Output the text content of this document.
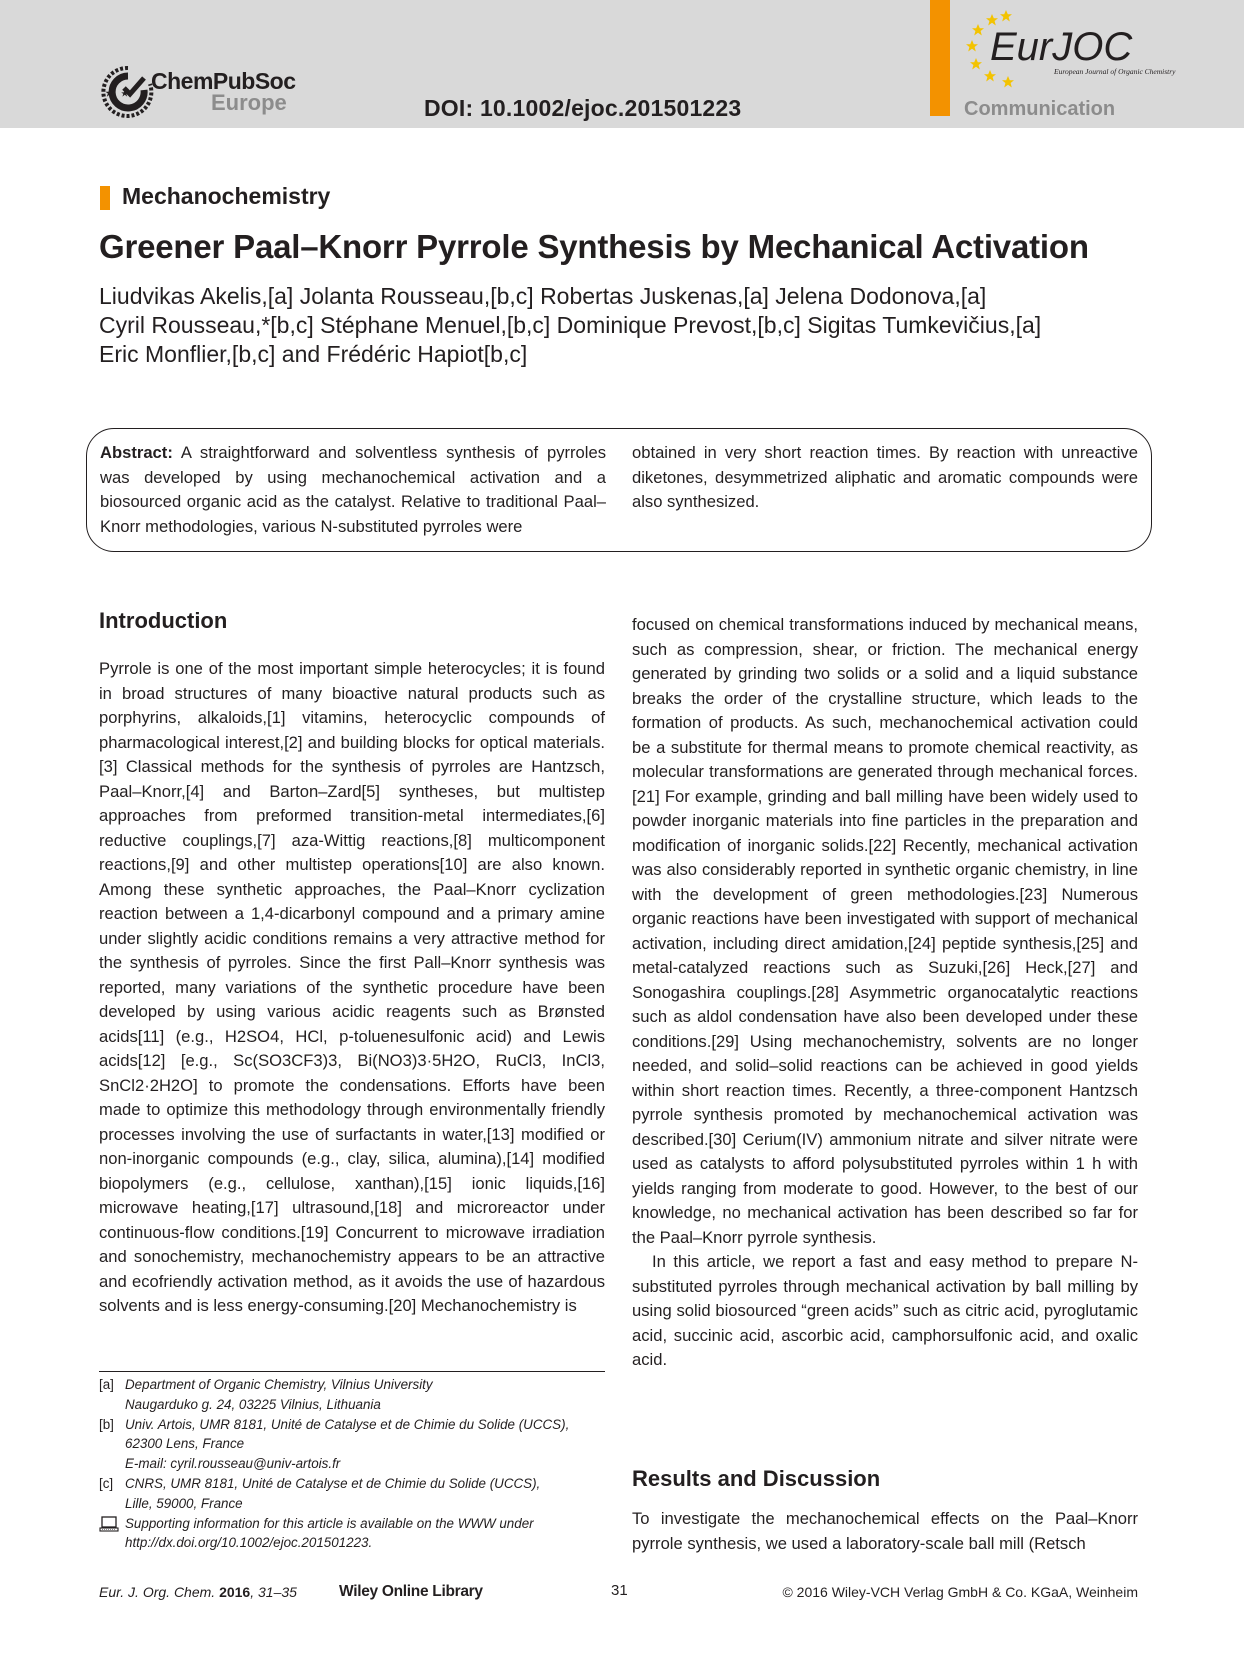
ChemPubSoc
Europe	DOI: 10.1002/ejoc.201501223
EurJOC
European Journal of Organic Chemistry
Communication
Mechanochemistry
Greener Paal–Knorr Pyrrole Synthesis by Mechanical Activation
Liudvikas Akelis,[a] Jolanta Rousseau,[b,c] Robertas Juskenas,[a] Jelena Dodonova,[a]
Cyril Rousseau,*[b,c] Stéphane Menuel,[b,c] Dominique Prevost,[b,c] Sigitas Tumkevičius,[a]
Eric Monflier,[b,c] and Frédéric Hapiot[b,c]
Abstract: A straightforward and solventless synthesis of pyrroles was developed by using mechanochemical activation and a biosourced organic acid as the catalyst. Relative to traditional Paal–Knorr methodologies, various N-substituted pyrroles were
obtained in very short reaction times. By reaction with unreactive diketones, desymmetrized aliphatic and aromatic compounds were also synthesized.
Introduction

Pyrrole is one of the most important simple heterocycles; it is found in broad structures of many bioactive natural products such as porphyrins, alkaloids,[1] vitamins, heterocyclic compounds of pharmacological interest,[2] and building blocks for optical materials.[3] Classical methods for the synthesis of pyrroles are Hantzsch, Paal–Knorr,[4] and Barton–Zard[5] syntheses, but multistep approaches from preformed transition-metal intermediates,[6] reductive couplings,[7] aza-Wittig reactions,[8] multicomponent reactions,[9] and other multistep operations[10] are also known. Among these synthetic approaches, the Paal–Knorr cyclization reaction between a 1,4-dicarbonyl compound and a primary amine under slightly acidic conditions remains a very attractive method for the synthesis of pyrroles. Since the first Pall–Knorr synthesis was reported, many variations of the synthetic procedure have been developed by using various acidic reagents such as Brønsted acids[11] (e.g., H2SO4, HCl, p-toluenesulfonic acid) and Lewis acids[12] [e.g., Sc(SO3CF3)3, Bi(NO3)3·5H2O, RuCl3, InCl3, SnCl2·2H2O] to promote the condensations. Efforts have been made to optimize this methodology through environmentally friendly processes involving the use of surfactants in water,[13] modified or non-inorganic compounds (e.g., clay, silica, alumina),[14] modified biopolymers (e.g., cellulose, xanthan),[15] ionic liquids,[16] microwave heating,[17] ultrasound,[18] and microreactor under continuous-flow conditions.[19] Concurrent to microwave irradiation and sonochemistry, mechanochemistry appears to be an attractive and ecofriendly activation method, as it avoids the use of hazardous solvents and is less energy-consuming.[20] Mechanochemistry is

focused on chemical transformations induced by mechanical means, such as compression, shear, or friction. The mechanical energy generated by grinding two solids or a solid and a liquid substance breaks the order of the crystalline structure, which leads to the formation of products. As such, mechanochemical activation could be a substitute for thermal means to promote chemical reactivity, as molecular transformations are generated through mechanical forces.[21] For example, grinding and ball milling have been widely used to powder inorganic materials into fine particles in the preparation and modification of inorganic solids.[22] Recently, mechanical activation was also considerably reported in synthetic organic chemistry, in line with the development of green methodologies.[23] Numerous organic reactions have been investigated with support of mechanical activation, including direct amidation,[24] peptide synthesis,[25] and metal-catalyzed reactions such as Suzuki,[26] Heck,[27] and Sonogashira couplings.[28] Asymmetric organocatalytic reactions such as aldol condensation have also been developed under these conditions.[29] Using mechanochemistry, solvents are no longer needed, and solid–solid reactions can be achieved in good yields within short reaction times. Recently, a three-component Hantzsch pyrrole synthesis promoted by mechanochemical activation was described.[30] Cerium(IV) ammonium nitrate and silver nitrate were used as catalysts to afford polysubstituted pyrroles within 1 h with yields ranging from moderate to good. However, to the best of our knowledge, no mechanical activation has been described so far for the Paal–Knorr pyrrole synthesis.

In this article, we report a fast and easy method to prepare N-substituted pyrroles through mechanical activation by ball milling by using solid biosourced “green acids” such as citric acid, pyroglutamic acid, succinic acid, ascorbic acid, camphorsulfonic acid, and oxalic acid.

Results and Discussion

To investigate the mechanochemical effects on the Paal–Knorr pyrrole synthesis, we used a laboratory-scale ball mill (Retsch

[a] Department of Organic Chemistry, Vilnius University
Naugarduko g. 24, 03225 Vilnius, Lithuania
[b] Univ. Artois, UMR 8181, Unité de Catalyse et de Chimie du Solide (UCCS),
62300 Lens, France
E-mail: cyril.rousseau@univ-artois.fr
[c] CNRS, UMR 8181, Unité de Catalyse et de Chimie du Solide (UCCS),
Lille, 59000, France
Supporting information for this article is available on the WWW under
http://dx.doi.org/10.1002/ejoc.201501223.
Eur. J. Org. Chem. 2016, 31–35	Wiley Online Library	31	© 2016 Wiley-VCH Verlag GmbH & Co. KGaA, Weinheim
